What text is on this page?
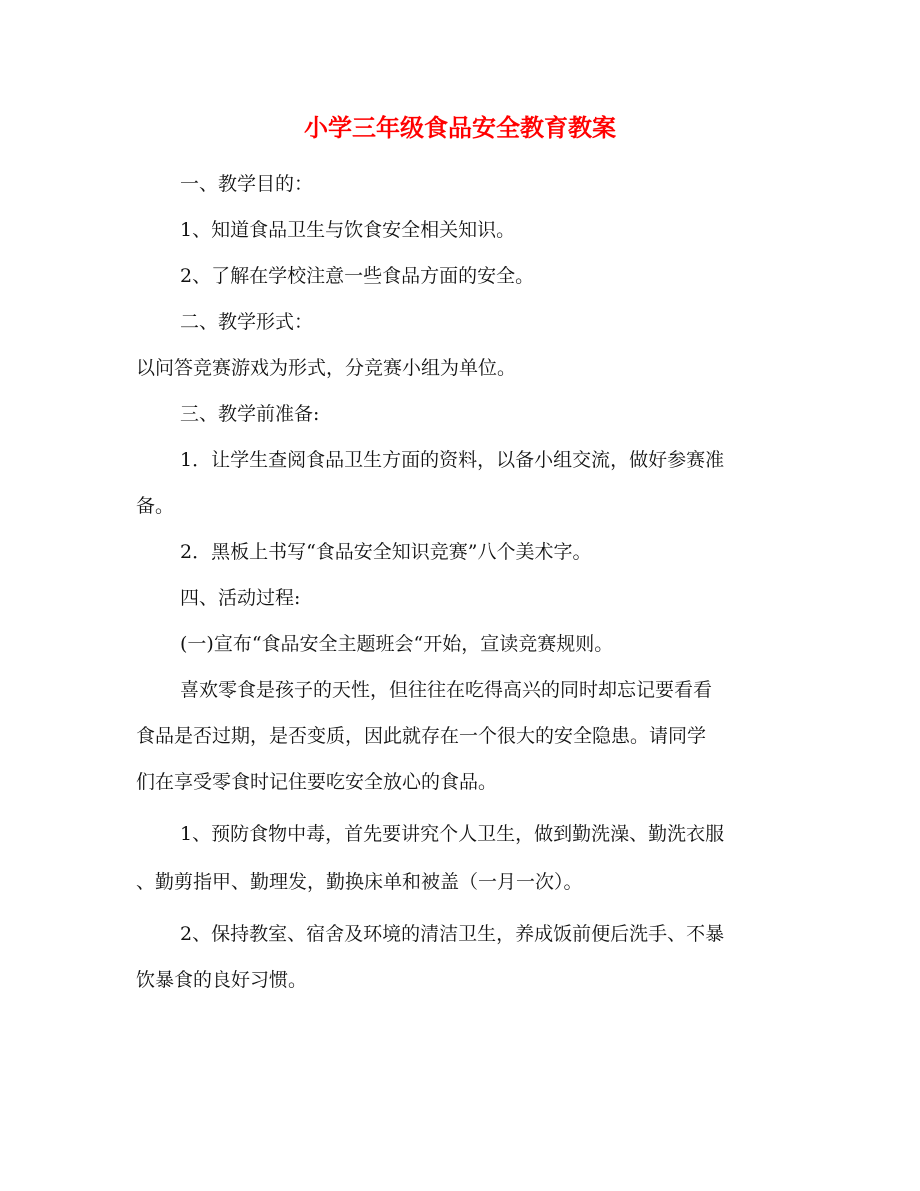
小学三年级食品安全教育教案
一、教学目的：
1、知道食品卫生与饮食安全相关知识。
2、了解在学校注意一些食品方面的安全。
二、教学形式：
以问答竞赛游戏为形式，分竞赛小组为单位。
三、教学前准备:
1．让学生查阅食品卫生方面的资料，以备小组交流，做好参赛准
备。
2．黑板上书写“食品安全知识竞赛”八个美术字。
四、活动过程:
(一)宣布“食品安全主题班会“开始，宣读竞赛规则。
喜欢零食是孩子的天性，但往往在吃得高兴的同时却忘记要看看
食品是否过期，是否变质，因此就存在一个很大的安全隐患。请同学
们在享受零食时记住要吃安全放心的食品。
1、预防食物中毒，首先要讲究个人卫生，做到勤洗澡、勤洗衣服
、勤剪指甲、勤理发，勤换床单和被盖（一月一次）。
2、保持教室、宿舍及环境的清洁卫生，养成饭前便后洗手、不暴
饮暴食的良好习惯。
